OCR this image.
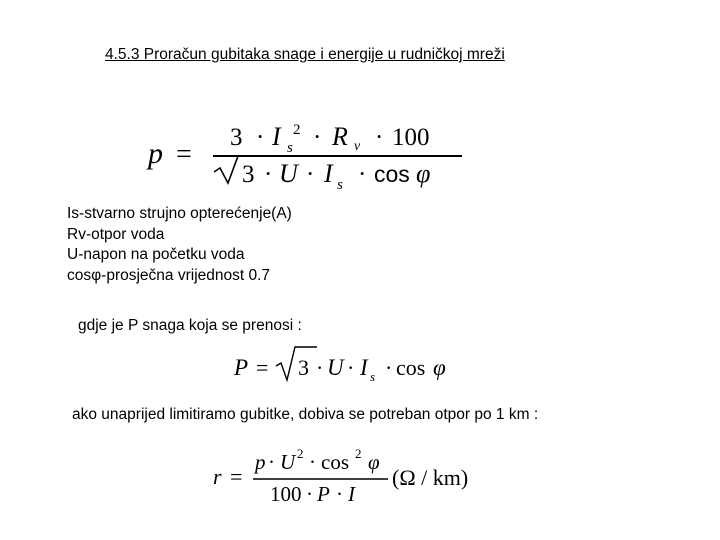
4.5.3 Proračun gubitaka snage i energije u rudničkoj mreži
p =
3 · I 2
s · R v · 100
3 · U · I s · cos φ
P = 3 · U · I s · cos φ
r =
p · U 2 · cos 2 φ
100 · P · I
(Ω / km)
Is-stvarno strujno opterećenje(A)
Rv-otpor voda
U-napon na početku voda
cosφ-prosječna vrijednost 0.7
gdje je P snaga koja se prenosi :
ako unaprijed limitiramo gubitke, dobiva se potreban otpor po 1 km :
